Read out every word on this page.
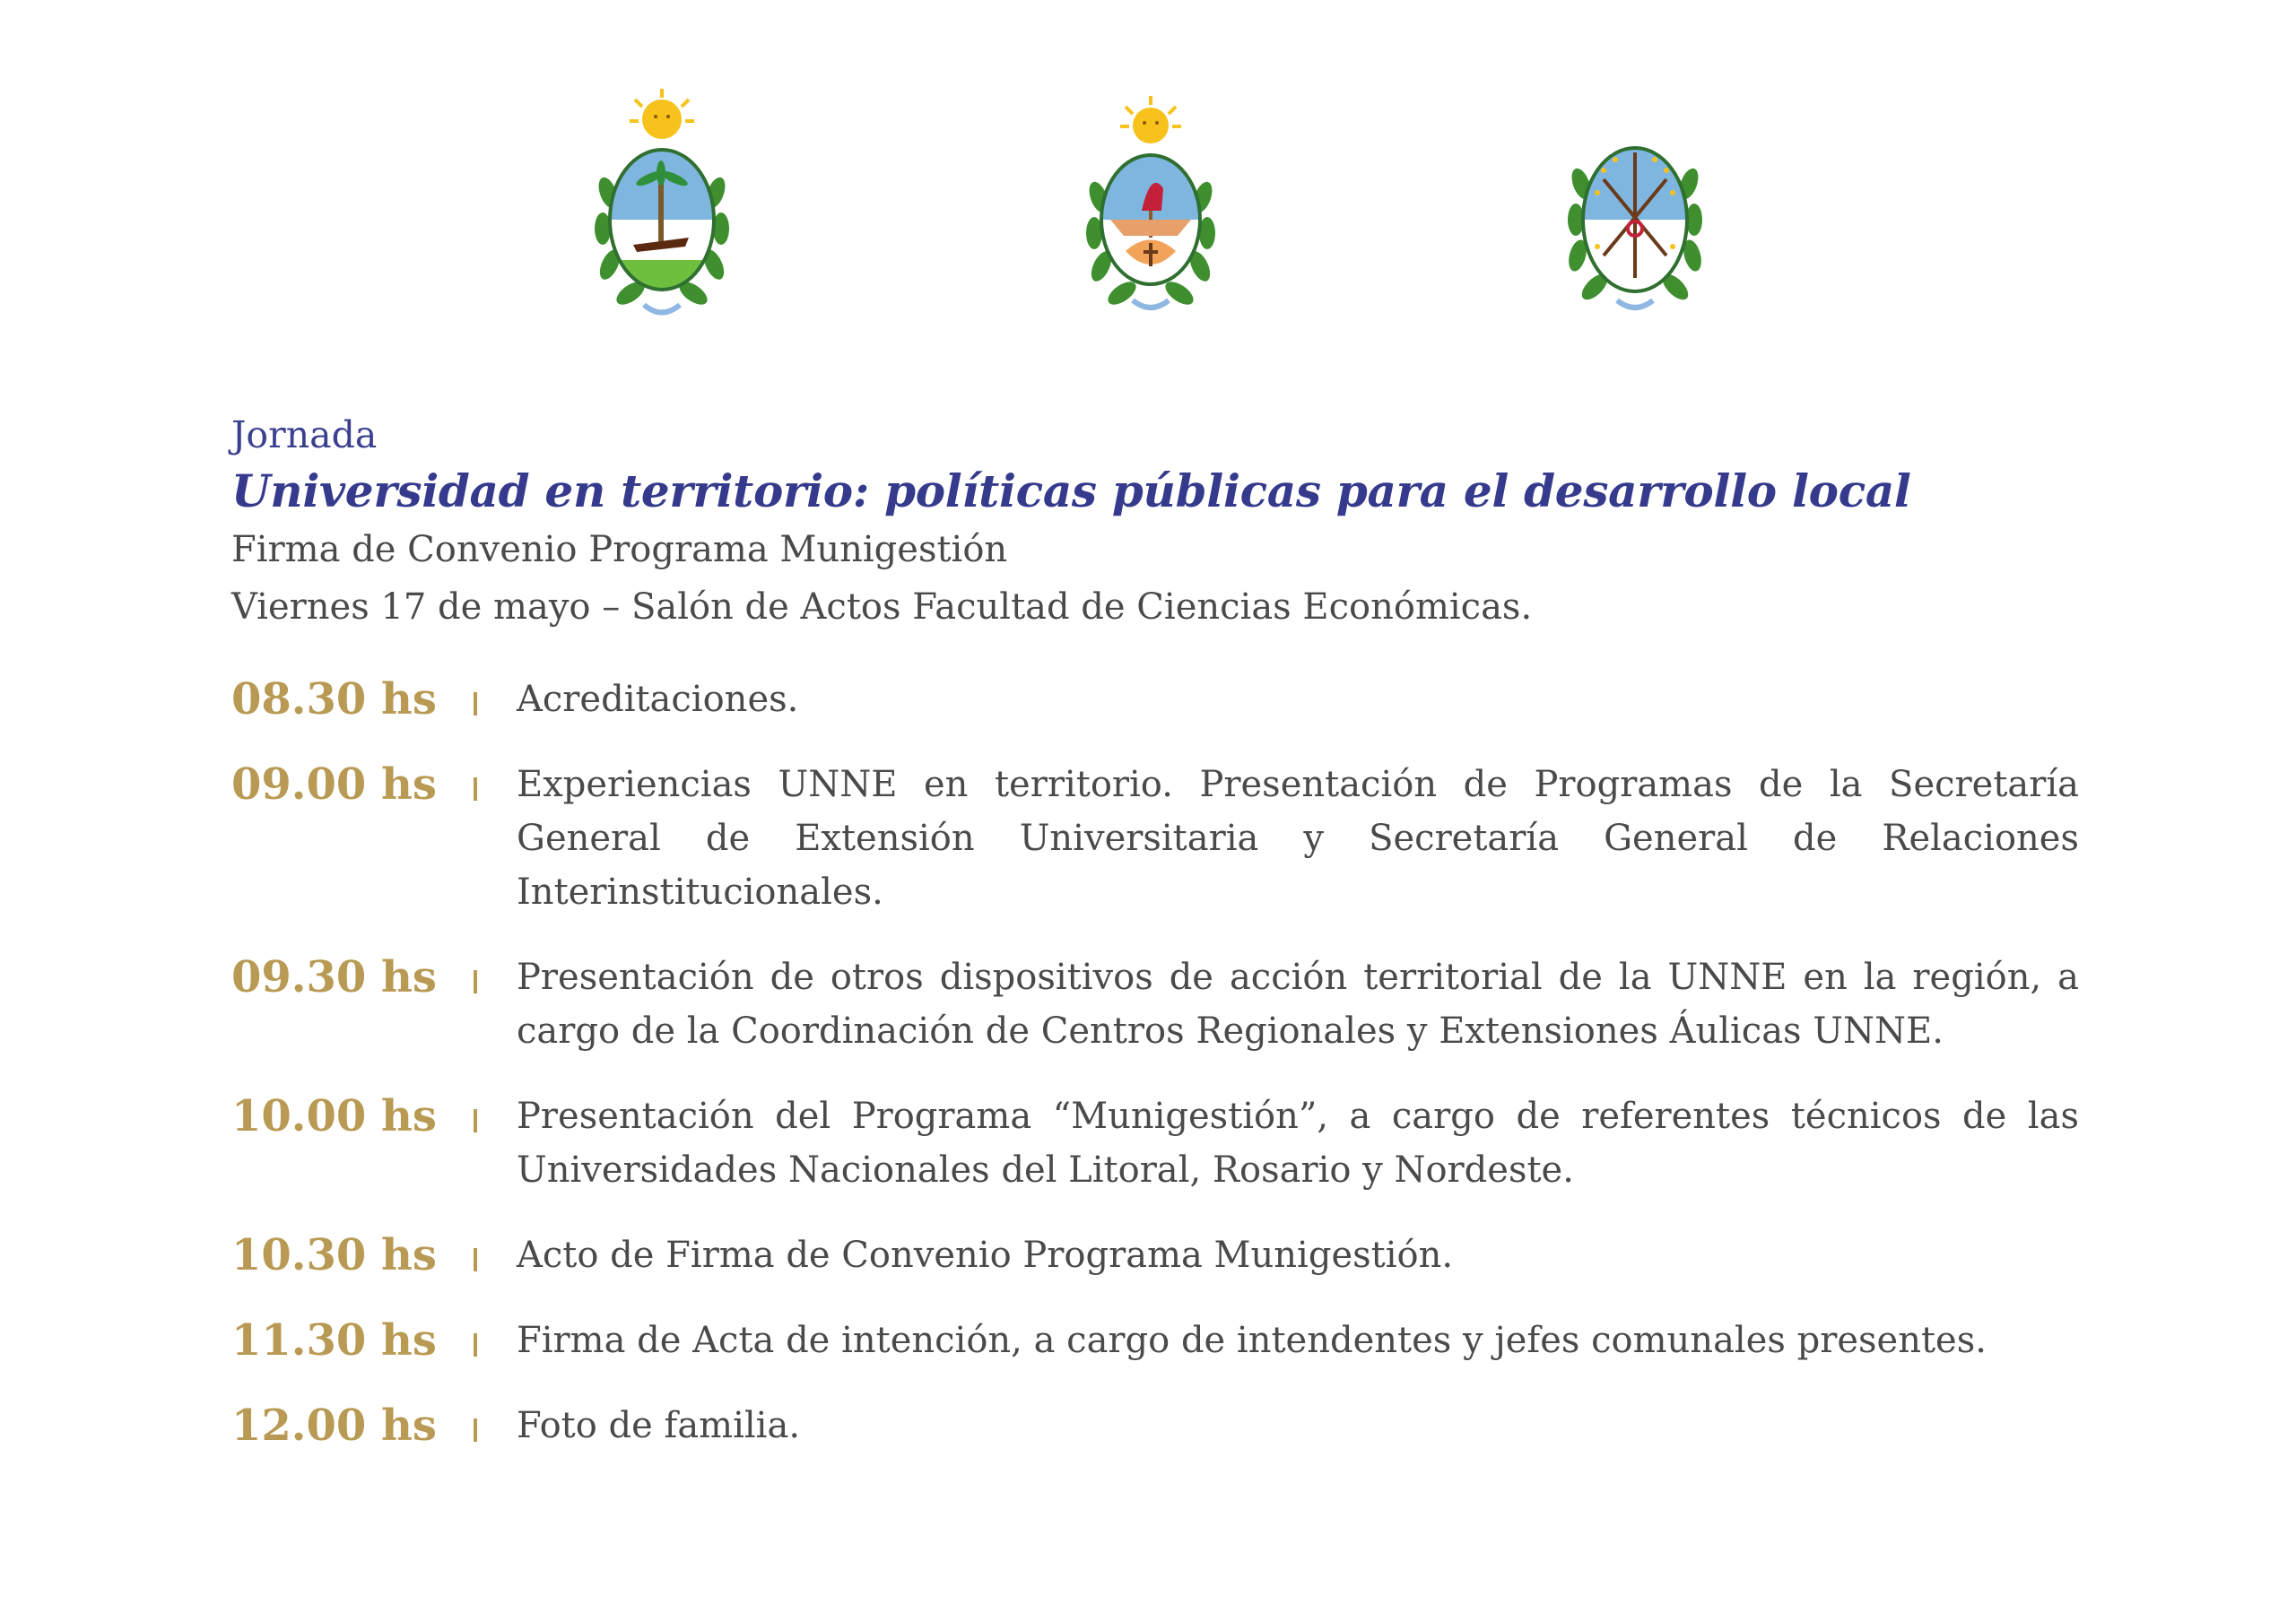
Jornada
Universidad en territorio: políticas públicas para el desarrollo local
Firma de Convenio Programa Munigestión
Viernes 17 de mayo – Salón de Actos Facultad de Ciencias Económicas.
08.30 hs	Acreditaciones.
09.00 hs	Experiencias UNNE en territorio. Presentación de Programas de la Secretaría General de Extensión Universitaria y Secretaría General de Relaciones Interinstitucionales.
09.30 hs	Presentación de otros dispositivos de acción territorial de la UNNE en la región, a cargo de la Coordinación de Centros Regionales y Extensiones Áulicas UNNE.
10.00 hs	Presentación del Programa “Munigestión”, a cargo de referentes técnicos de las Universidades Nacionales del Litoral, Rosario y Nordeste.
10.30 hs	Acto de Firma de Convenio Programa Munigestión.
11.30 hs	Firma de Acta de intención, a cargo de intendentes y jefes comunales presentes.
12.00 hs	Foto de familia.
